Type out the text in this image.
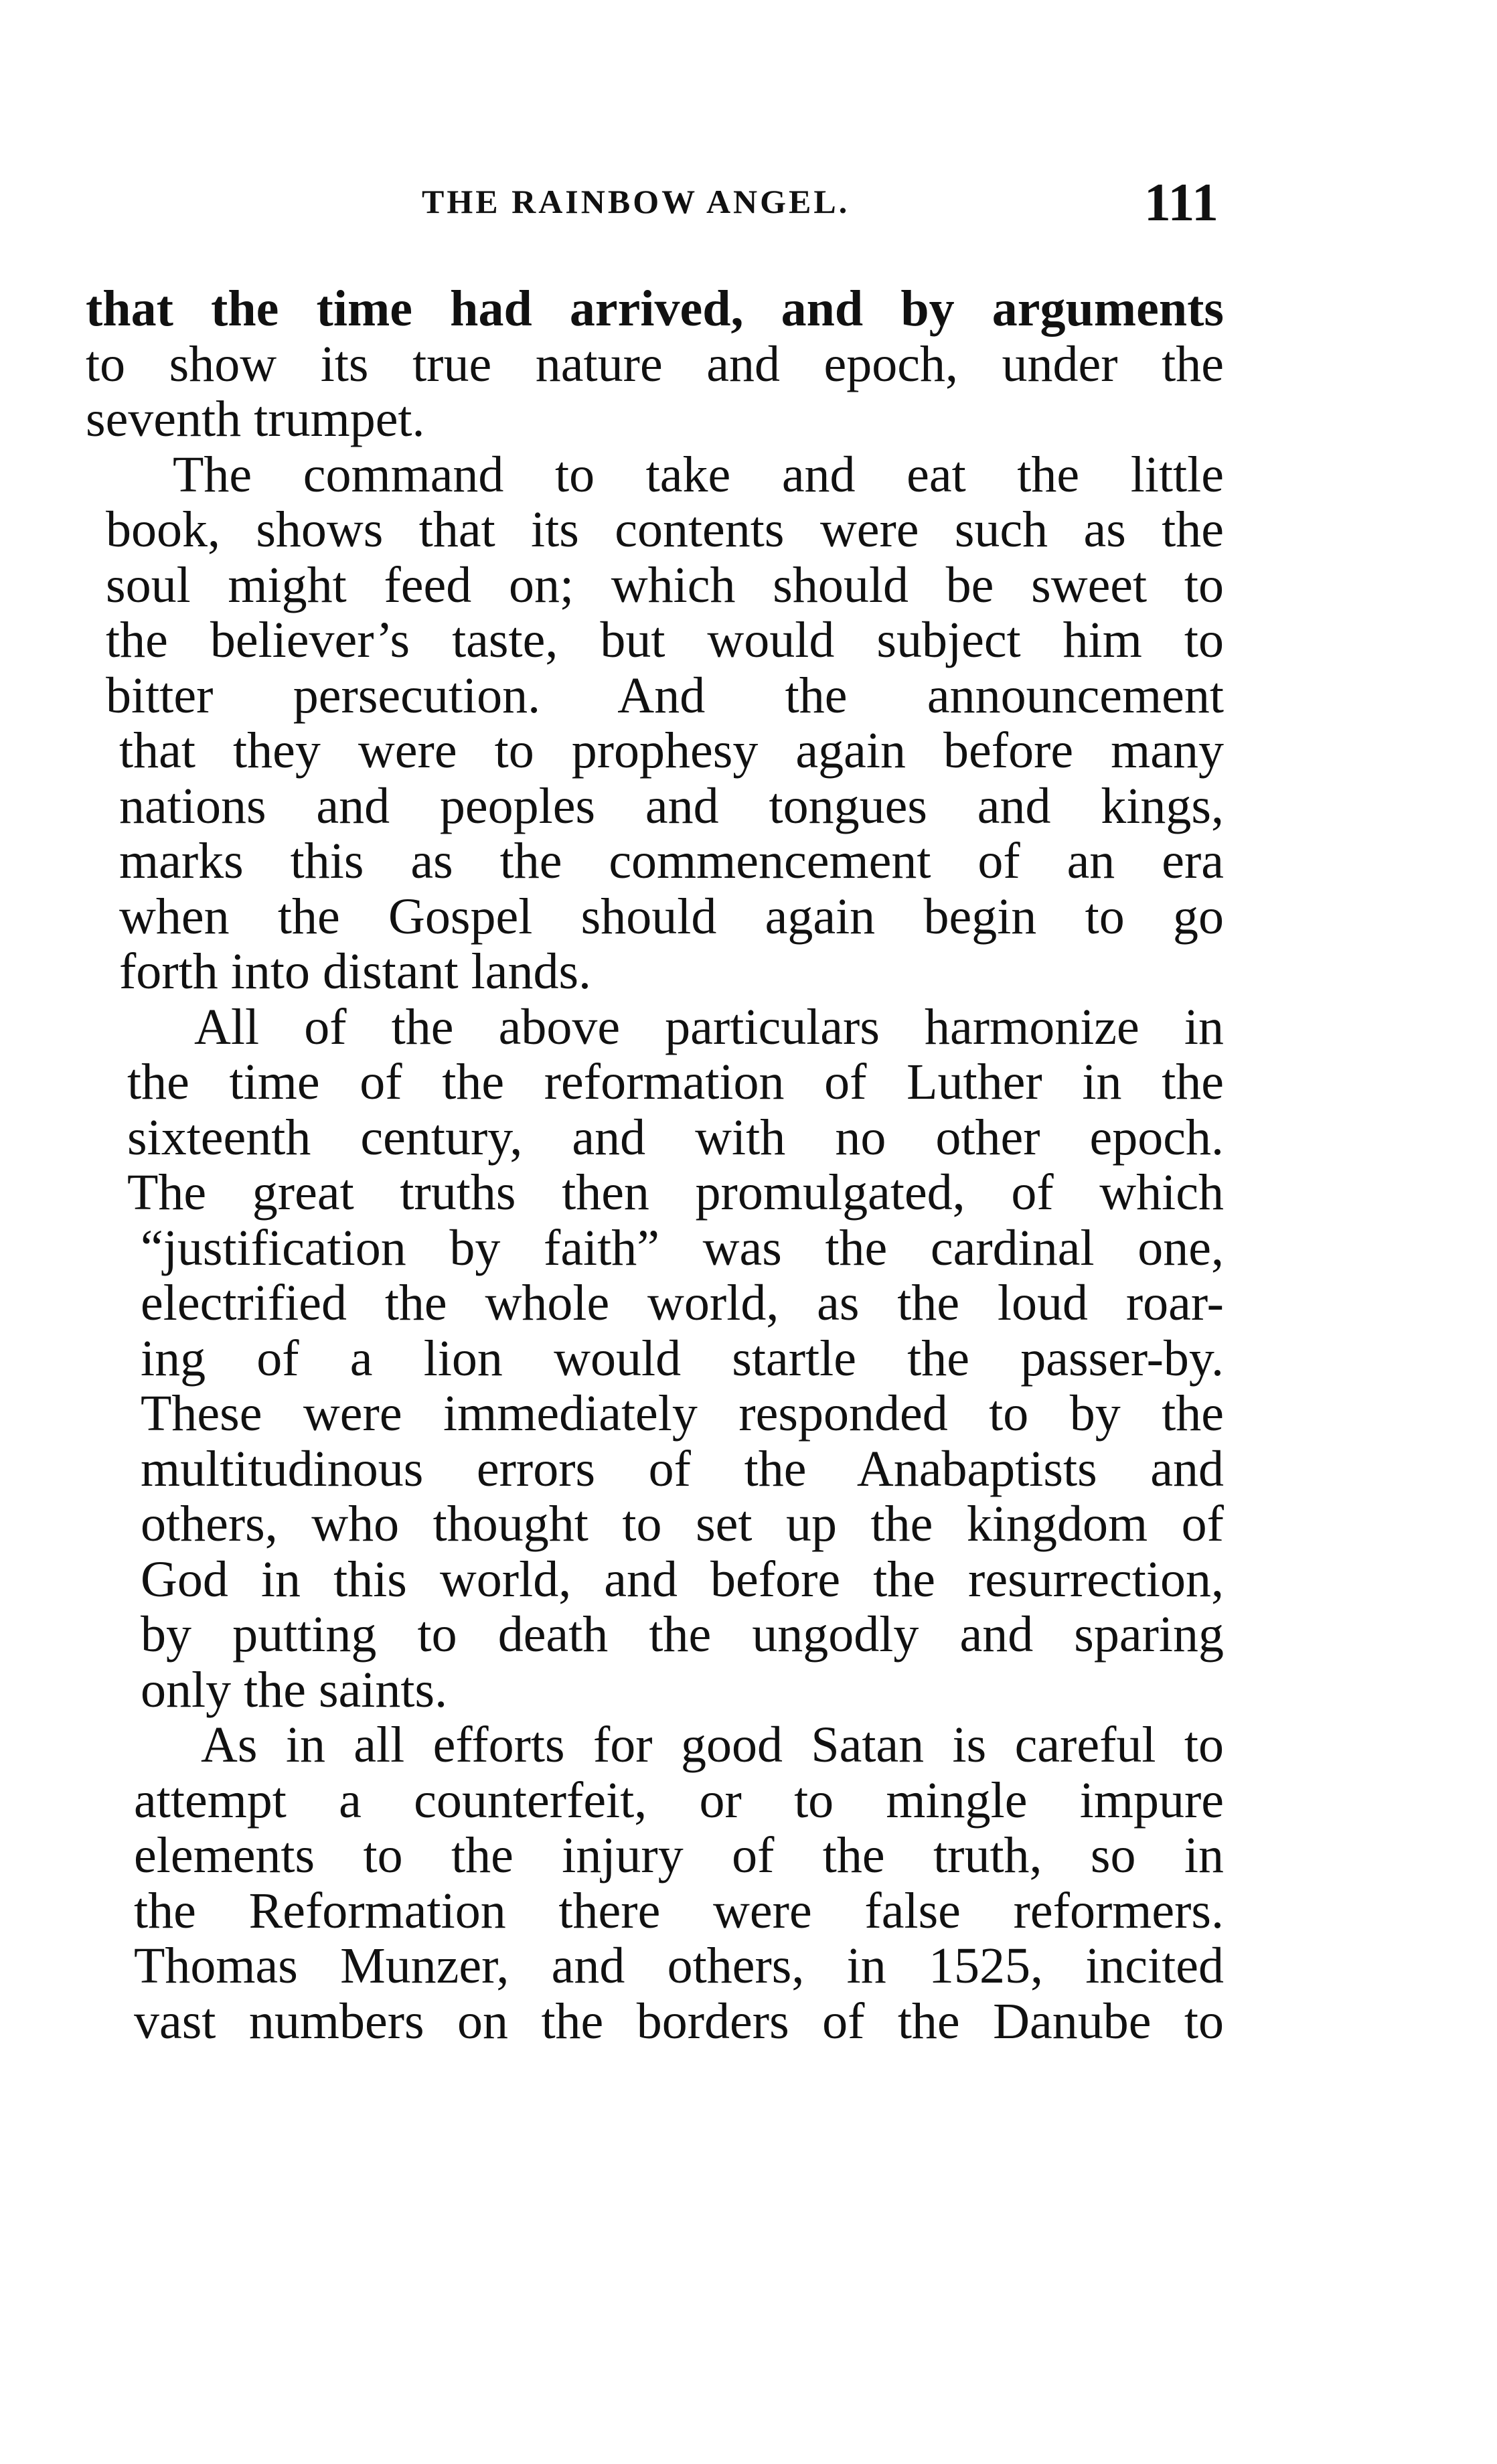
THE RAINBOW ANGEL.	111
that the time had arrived, and by arguments
to show its true nature and epoch, under the
seventh trumpet.
The command to take and eat the little
book, shows that its contents were such as the
soul might feed on; which should be sweet to
the believer’s taste, but would subject him to
bitter persecution. And the announcement
that they were to prophesy again before many
nations and peoples and tongues and kings,
marks this as the commencement of an era
when the Gospel should again begin to go
forth into distant lands.
All of the above particulars harmonize in
the time of the reformation of Luther in the
sixteenth century, and with no other epoch.
The great truths then promulgated, of which
“justification by faith” was the cardinal one,
electrified the whole world, as the loud roar-
ing of a lion would startle the passer-by.
These were immediately responded to by the
multitudinous errors of the Anabaptists and
others, who thought to set up the kingdom of
God in this world, and before the resurrection,
by putting to death the ungodly and sparing
only the saints.
As in all efforts for good Satan is careful to
attempt a counterfeit, or to mingle impure
elements to the injury of the truth, so in
the Reformation there were false reformers.
Thomas Munzer, and others, in 1525, incited
vast numbers on the borders of the Danube to
